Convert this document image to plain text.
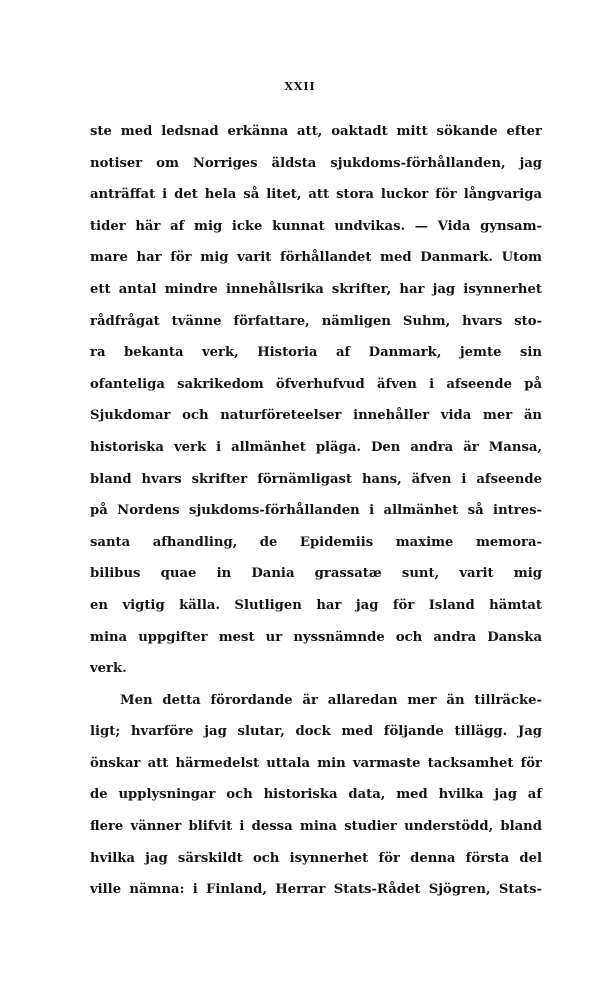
XXII
ste med ledsnad erkänna att, oaktadt mitt sökande efter
notiser om Norriges äldsta sjukdoms-förhållanden, jag
anträffat i det hela så litet, att stora luckor för långvariga
tider här af mig icke kunnat undvikas. — Vida gynsam-
mare har för mig varit förhållandet med Danmark. Utom
ett antal mindre innehållsrika skrifter, har jag isynnerhet
rådfrågat tvänne författare, nämligen Suhm, hvars sto-
ra bekanta verk, Historia af Danmark, jemte sin
ofanteliga sakrikedom öfverhufvud äfven i afseende på
Sjukdomar och naturföreteelser innehåller vida mer än
historiska verk i allmänhet pläga. Den andra är Mansa,
bland hvars skrifter förnämligast hans, äfven i afseende
på Nordens sjukdoms-förhållanden i allmänhet så intres-
santa afhandling, de Epidemiis maxime memora-
bilibus quae in Dania grassatæ sunt, varit mig
en vigtig källa. Slutligen har jag för Island hämtat
mina uppgifter mest ur nyssnämnde och andra Danska
verk.
Men detta förordande är allaredan mer än tillräcke-
ligt; hvarföre jag slutar, dock med följande tillägg. Jag
önskar att härmedelst uttala min varmaste tacksamhet för
de upplysningar och historiska data, med hvilka jag af
flere vänner blifvit i dessa mina studier understödd, bland
hvilka jag särskildt och isynnerhet för denna första del
ville nämna: i Finland, Herrar Stats-Rådet Sjögren, Stats-
